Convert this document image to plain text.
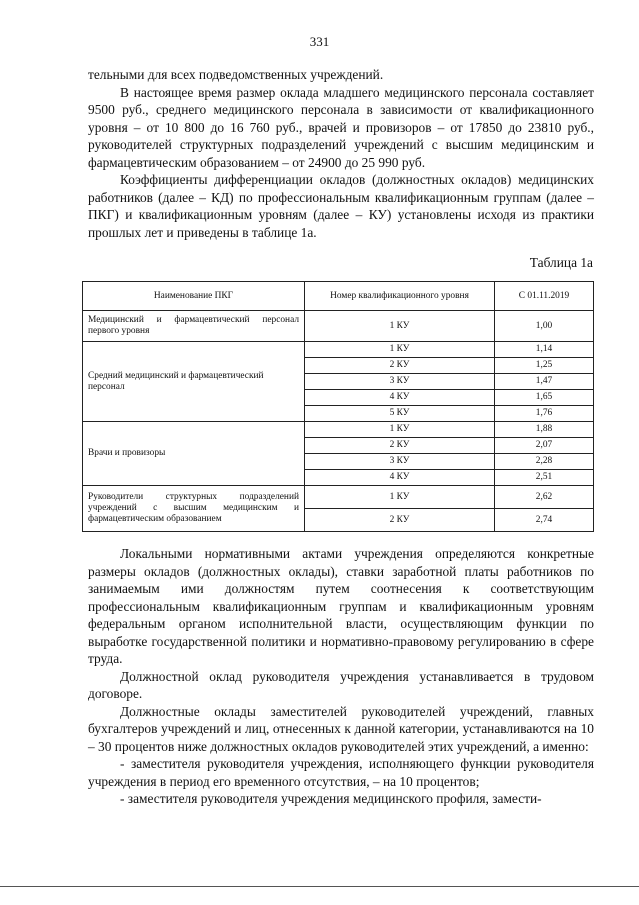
331

тельными для всех подведомственных учреждений.

В настоящее время размер оклада младшего медицинского персонала составляет 9500 руб., среднего медицинского персонала в зависимости от квалификационного уровня – от 10 800 до 16 760 руб., врачей и провизоров – от 17850 до 23810 руб., руководителей структурных подразделений учреждений с высшим медицинским и фармацевтическим образованием – от 24900 до 25 990 руб.

Коэффициенты дифференциации окладов (должностных окладов) медицинских работников (далее – КД) по профессиональным квалификационным группам (далее – ПКГ) и квалификационным уровням (далее – КУ) установлены исходя из практики прошлых лет и приведены в таблице 1а.

Таблица 1а
Наименование ПКГ	Номер квалификационного уровня	С 01.11.2019
Медицинский и фармацевтический персонал первого уровня	1 КУ	1,00
Средний медицинский и фармацевтический персонал	1 КУ	1,14
	2 КУ	1,25
	3 КУ	1,47
	4 КУ	1,65
	5 КУ	1,76
Врачи и провизоры	1 КУ	1,88
	2 КУ	2,07
	3 КУ	2,28
	4 КУ	2,51
Руководители структурных подразделений учреждений с высшим медицинским и фармацевтическим образованием	1 КУ	2,62
	2 КУ	2,74

Локальными нормативными актами учреждения определяются конкретные размеры окладов (должностных оклады), ставки заработной платы работников по занимаемым ими должностям путем соотнесения к соответствующим профессиональным квалификационным группам и квалификационным уровням федеральным органом исполнительной власти, осуществляющим функции по выработке государственной политики и нормативно-правовому регулированию в сфере труда.

Должностной оклад руководителя учреждения устанавливается в трудовом договоре.

Должностные оклады заместителей руководителей учреждений, главных бухгалтеров учреждений и лиц, отнесенных к данной категории, устанавливаются на 10 – 30 процентов ниже должностных окладов руководителей этих учреждений, а именно:

- заместителя руководителя учреждения, исполняющего функции руководителя учреждения в период его временного отсутствия, – на 10 процентов;

- заместителя руководителя учреждения медицинского профиля, замести-
